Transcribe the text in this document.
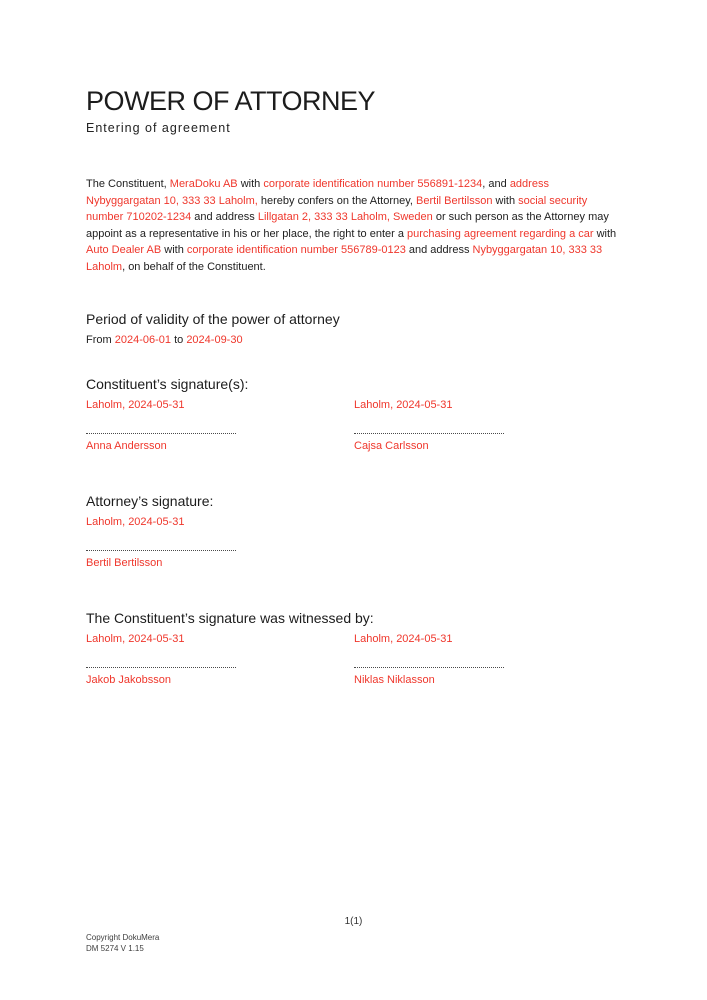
POWER OF ATTORNEY
Entering of agreement

The Constituent, MeraDoku AB with corporate identification number 556891-1234, and address Nybyggargatan 10, 333 33 Laholm, hereby confers on the Attorney, Bertil Bertilsson with social security number 710202-1234 and address Lillgatan 2, 333 33 Laholm, Sweden or such person as the Attorney may appoint as a representative in his or her place, the right to enter a purchasing agreement regarding a car with Auto Dealer AB with corporate identification number 556789-0123 and address Nybyggargatan 10, 333 33 Laholm, on behalf of the Constituent.

Period of validity of the power of attorney
From 2024-06-01 to 2024-09-30
Constituent’s signature(s):
Laholm, 2024-05-31
Anna Andersson
Laholm, 2024-05-31
Cajsa Carlsson
Attorney’s signature:
Laholm, 2024-05-31
Bertil Bertilsson
The Constituent’s signature was witnessed by:
Laholm, 2024-05-31
Jakob Jakobsson
Laholm, 2024-05-31
Niklas Niklasson
1(1)
Copyright DokuMera
DM 5274 V 1.15
